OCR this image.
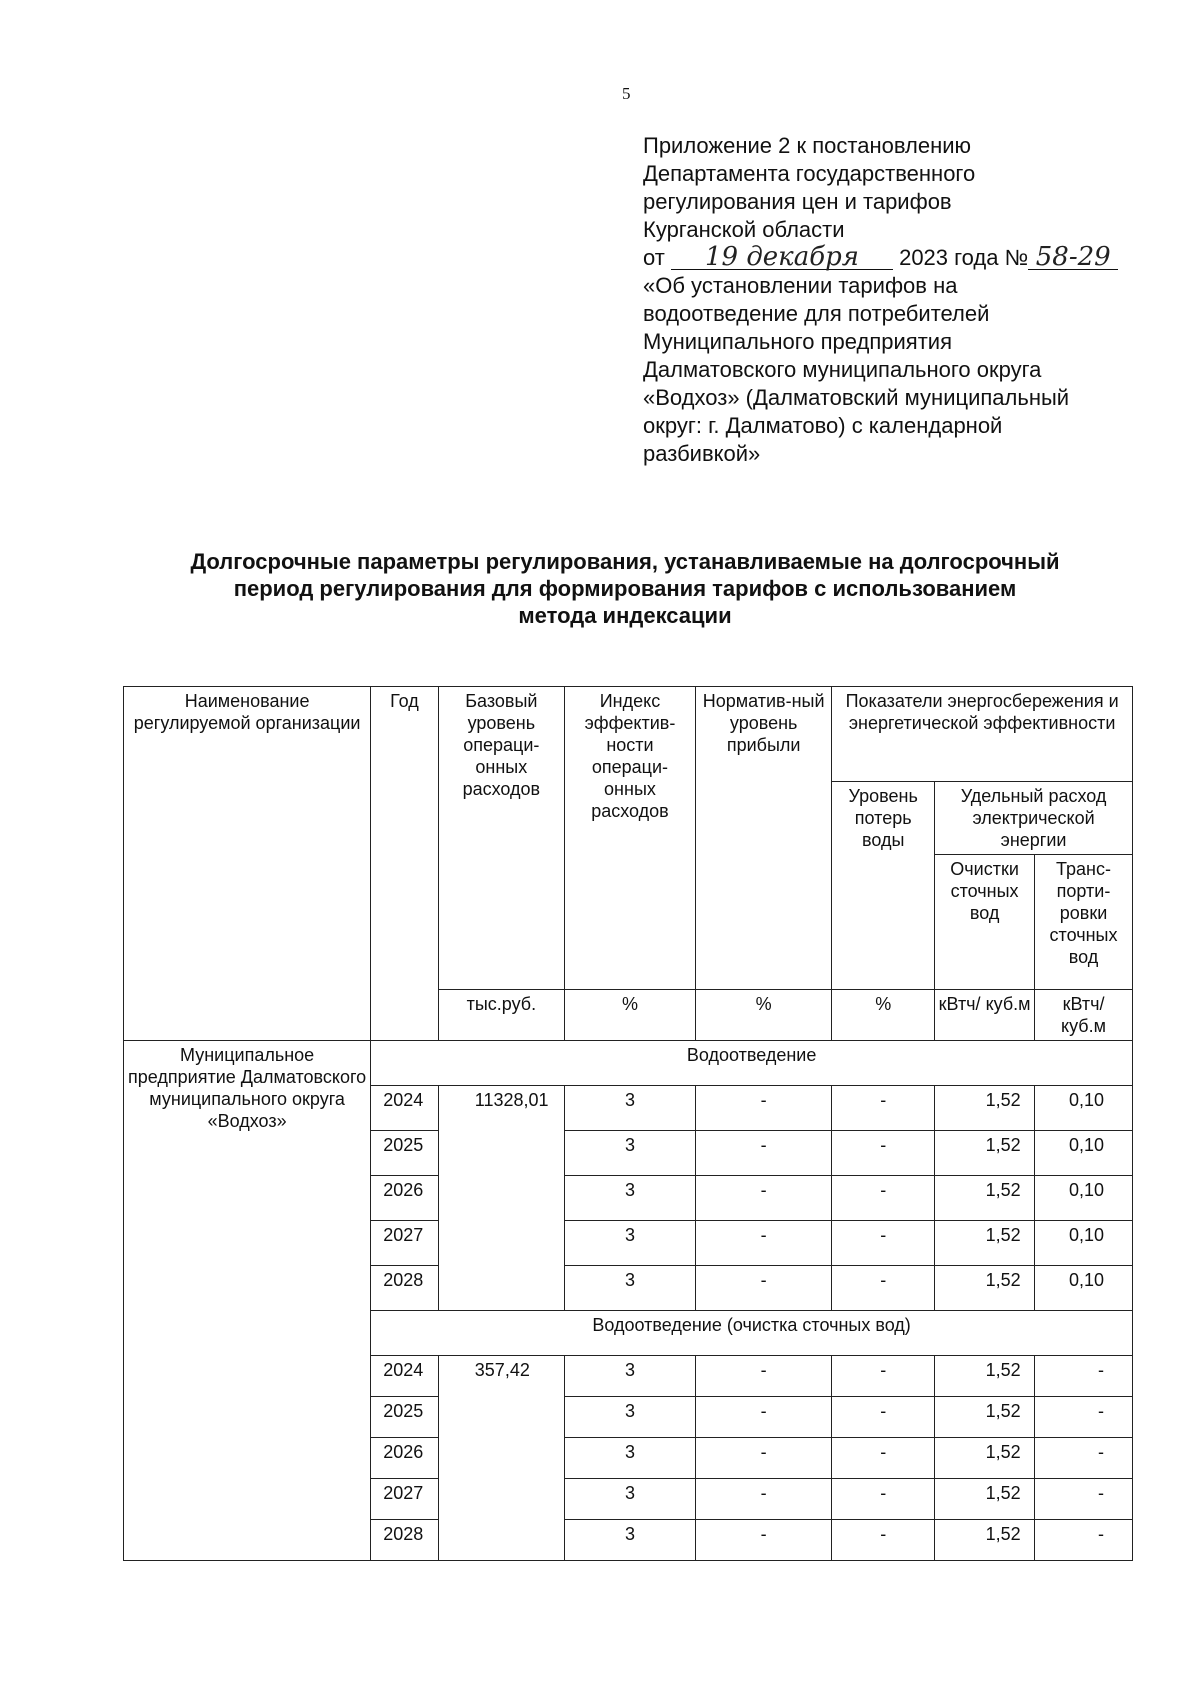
5
Приложение 2 к постановлению
Департамента государственного
регулирования цен и тарифов
Курганской области
от 19 декабря 2023 года № 58-29
«Об установлении тарифов на
водоотведение для потребителей
Муниципального предприятия
Далматовского муниципального округа
«Водхоз» (Далматовский муниципальный
округ: г. Далматово) с календарной
разбивкой»
Долгосрочные параметры регулирования, устанавливаемые на долгосрочный
период регулирования для формирования тарифов с использованием
метода индексации
Наименование регулируемой организации	Год	Базовый уровень операци-онных расходов	Индекс эффектив-ности операци-онных расходов	Норматив-ный уровень прибыли	Показатели энергосбережения и энергетической эффективности		
					Уровень потерь воды	Удельный расход электрической энергии	
						Очистки сточных вод	Транс-порти-ровки сточных вод
		тыс.руб.	%	%	%	кВтч/ куб.м	кВтч/ куб.м
Муниципальное предприятие Далматовского муниципального округа «Водхоз»	Водоотведение						
	2024	11328,01	3	-	-	1,52	0,10
	2025		3	-	-	1,52	0,10
	2026		3	-	-	1,52	0,10
	2027		3	-	-	1,52	0,10
	2028		3	-	-	1,52	0,10
	Водоотведение (очистка сточных вод)						
	2024	357,42	3	-	-	1,52	-
	2025		3	-	-	1,52	-
	2026		3	-	-	1,52	-
	2027		3	-	-	1,52	-
	2028		3	-	-	1,52	-
